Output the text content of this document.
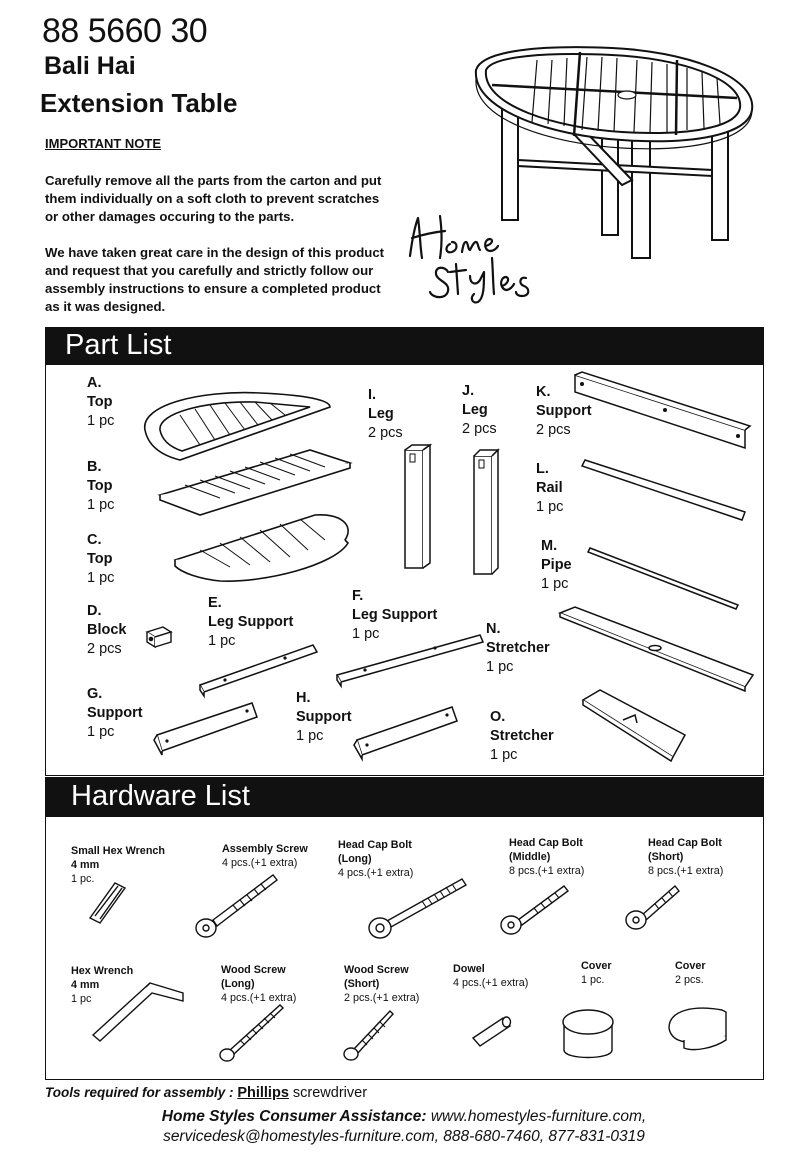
88 5660 30
Bali Hai
Extension Table
IMPORTANT NOTE
Carefully remove all the parts from the carton and put them individually on a soft cloth to prevent scratches or other damages occuring to the parts.
We have taken great care in the design of this product and request that you carefully and strictly follow our assembly instructions to ensure a completed product as it was designed.
Part List
A.
Top
1 pc
B.
Top
1 pc
C.
Top
1 pc
D.
Block
2 pcs
E.
Leg Support
1 pc
F.
Leg Support
1 pc
G.
Support
1 pc
H.
Support
1 pc
I.
Leg
2 pcs
J.
Leg
2 pcs
K.
Support
2 pcs
L.
Rail
1 pc
M.
Pipe
1 pc
N.
Stretcher
1 pc
O.
Stretcher
1 pc
Hardware List
Small Hex Wrench
4 mm
1 pc.
Assembly Screw
4 pcs.(+1 extra)
Head Cap Bolt
(Long)
4 pcs.(+1 extra)
Head Cap Bolt
(Middle)
8 pcs.(+1 extra)
Head Cap Bolt
(Short)
8 pcs.(+1 extra)
Hex Wrench
4 mm
1 pc
Wood Screw
(Long)
4 pcs.(+1 extra)
Wood Screw
(Short)
2 pcs.(+1 extra)
Dowel
4 pcs.(+1 extra)
Cover
1 pc.
Cover
2 pcs.
Tools required for assembly : Phillips screwdriver
Home Styles Consumer Assistance: www.homestyles-furniture.com,
servicedesk@homestyles-furniture.com, 888-680-7460, 877-831-0319
